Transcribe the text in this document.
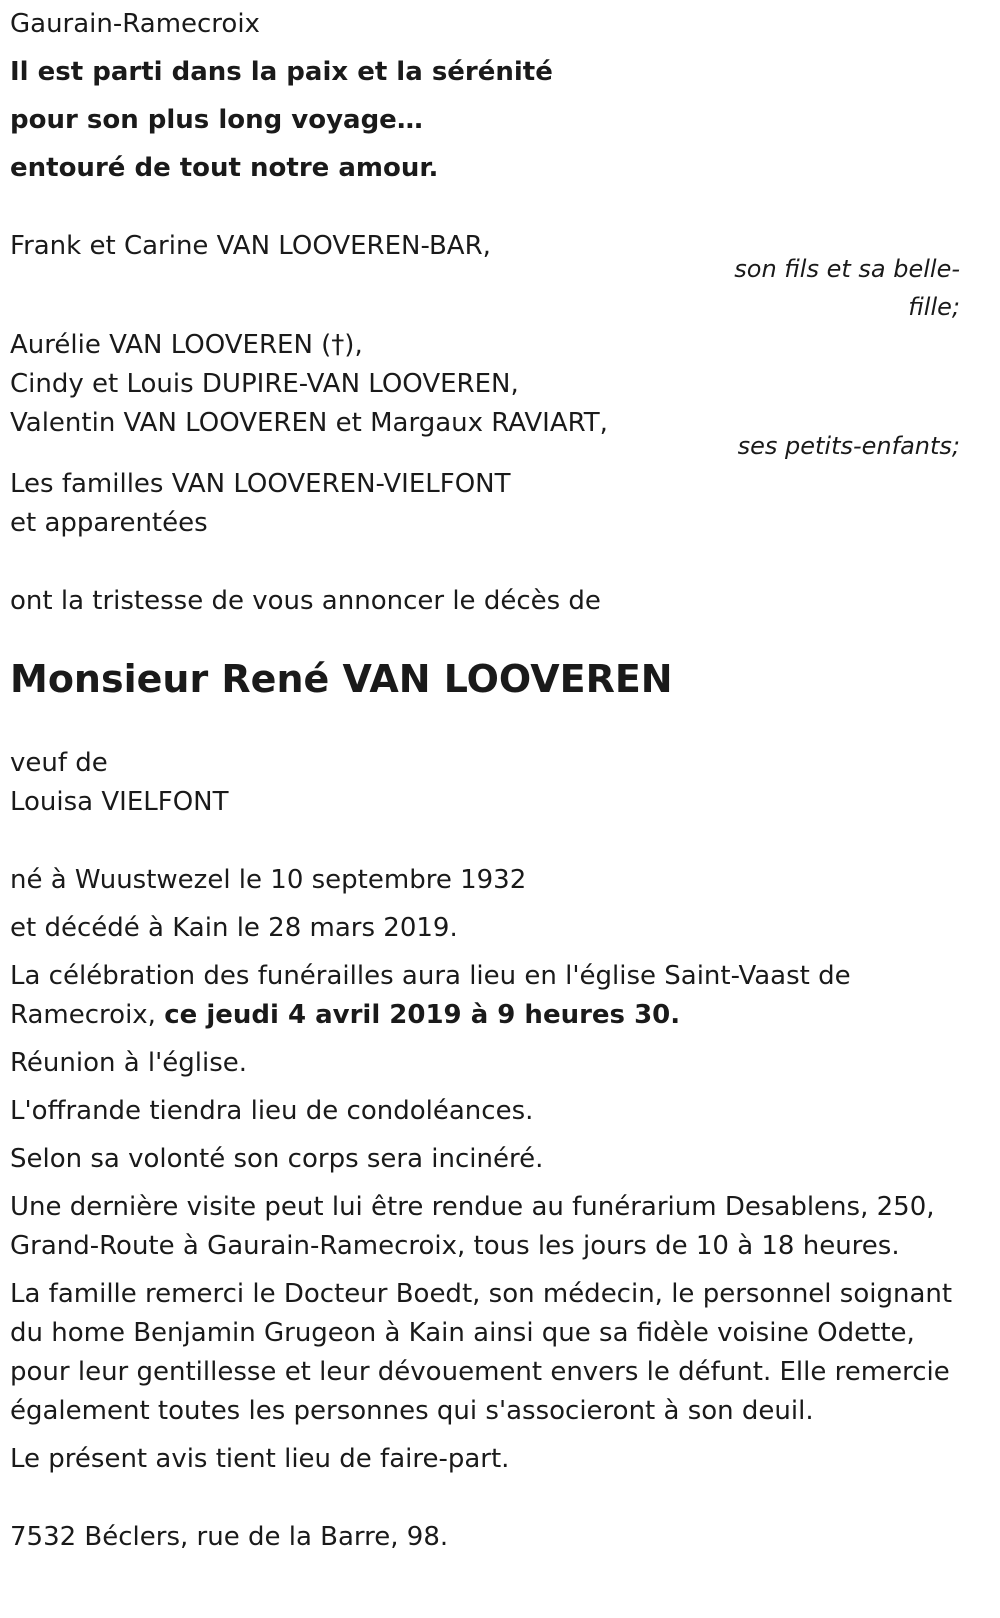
Gaurain-Ramecroix
Il est parti dans la paix et la sérénité
pour son plus long voyage…
entouré de tout notre amour.
Frank et Carine VAN LOOVEREN-BAR,
son fils et sa belle-
fille;
Aurélie VAN LOOVEREN (†),
Cindy et Louis DUPIRE-VAN LOOVEREN,
Valentin VAN LOOVEREN et Margaux RAVIART,
ses petits-enfants;
Les familles VAN LOOVEREN-VIELFONT
et apparentées
ont la tristesse de vous annoncer le décès de
Monsieur René VAN LOOVEREN
veuf de
Louisa VIELFONT
né à Wuustwezel le 10 septembre 1932
et décédé à Kain le 28 mars 2019.
La célébration des funérailles aura lieu en l'église Saint-Vaast de
Ramecroix, ce jeudi 4 avril 2019 à 9 heures 30.
Réunion à l'église.
L'offrande tiendra lieu de condoléances.
Selon sa volonté son corps sera incinéré.
Une dernière visite peut lui être rendue au funérarium Desablens, 250,
Grand-Route à Gaurain-Ramecroix, tous les jours de 10 à 18 heures.
La famille remerci le Docteur Boedt, son médecin, le personnel soignant
du home Benjamin Grugeon à Kain ainsi que sa fidèle voisine Odette,
pour leur gentillesse et leur dévouement envers le défunt. Elle remercie
également toutes les personnes qui s'associeront à son deuil.
Le présent avis tient lieu de faire-part.
7532 Béclers, rue de la Barre, 98.
